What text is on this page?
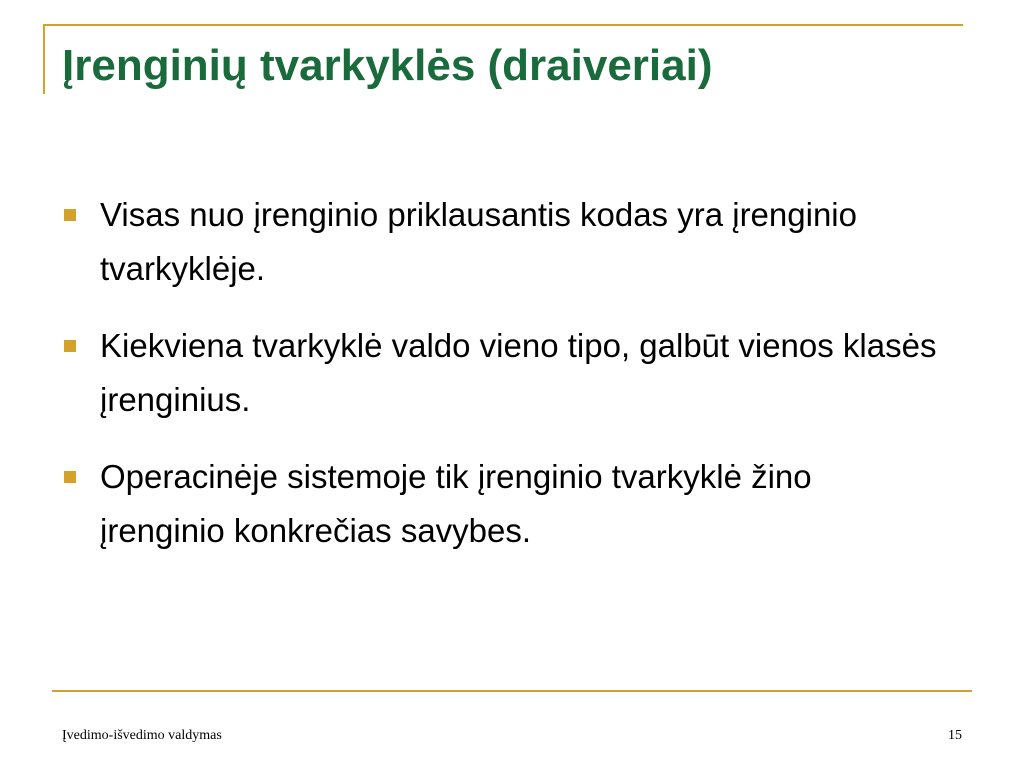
Įrenginių tvarkyklės (draiveriai)
Visas nuo įrenginio priklausantis kodas yra įrenginio tvarkyklėje.
Kiekviena tvarkyklė valdo vieno tipo, galbūt vienos klasės įrenginius.
Operacinėje sistemoje tik įrenginio tvarkyklė žino įrenginio konkrečias savybes.
Įvedimo-išvedimo valdymas	15
